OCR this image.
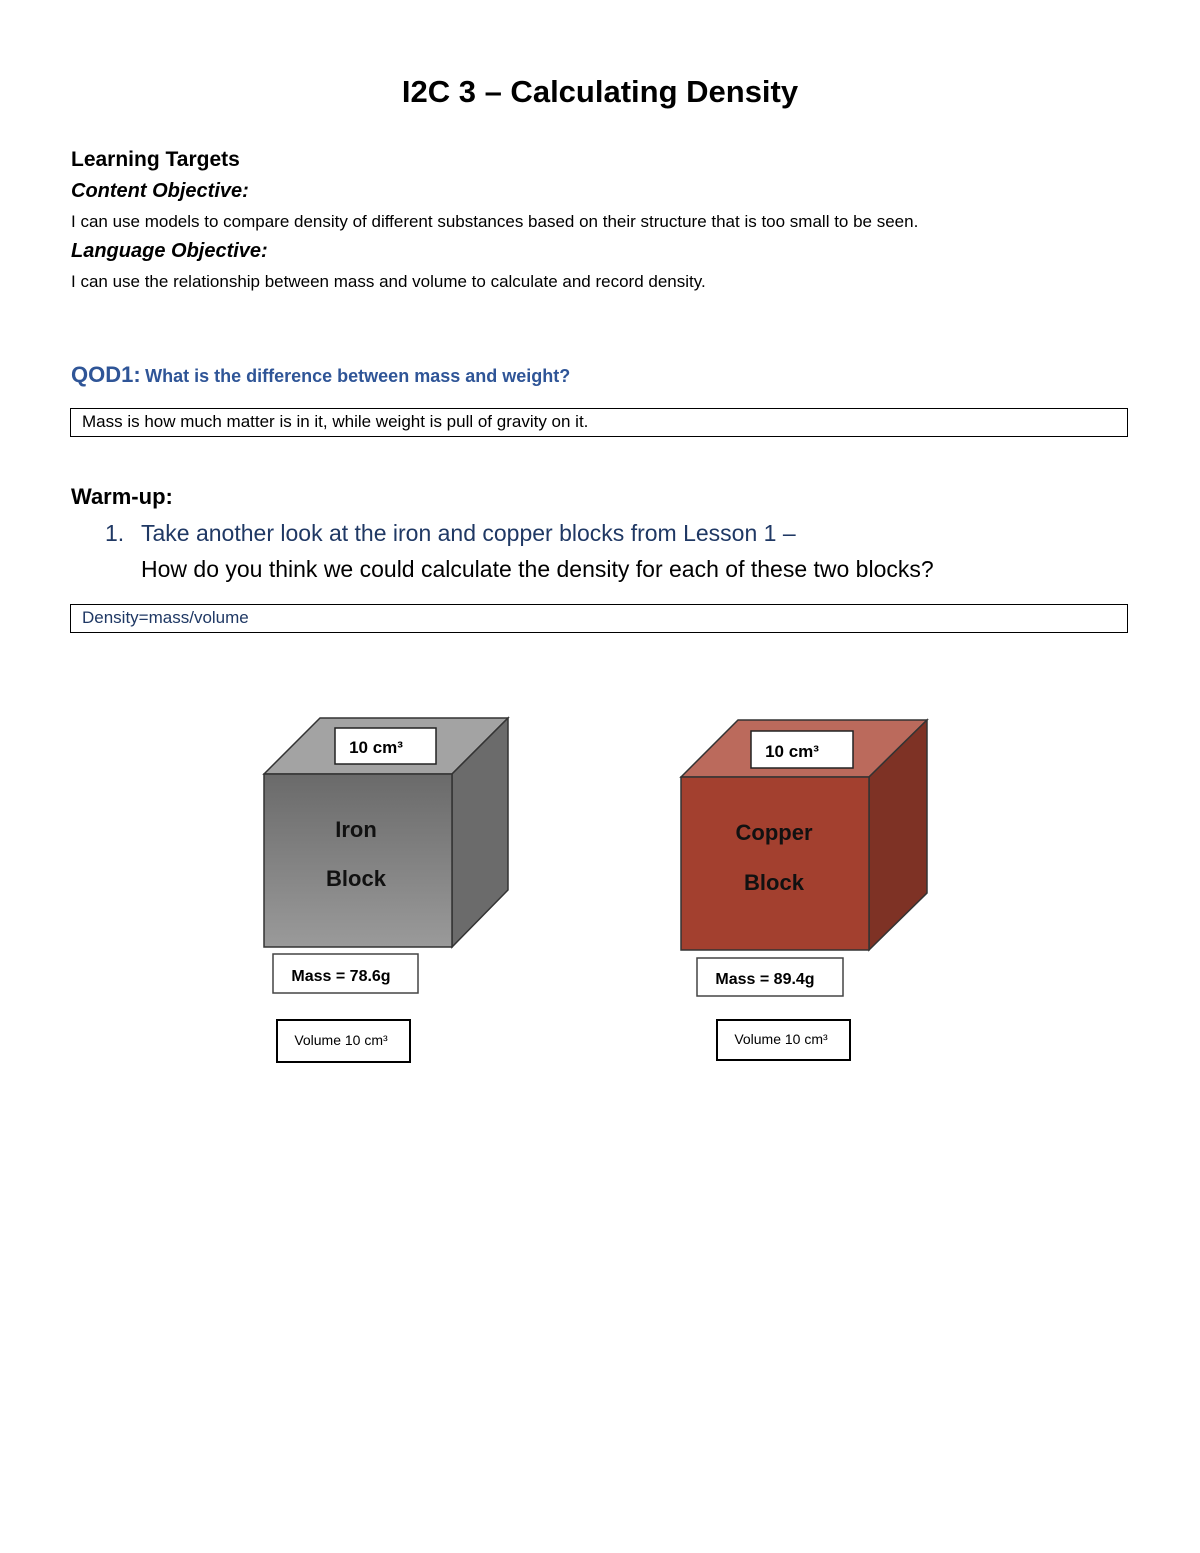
I2C 3 – Calculating Density
Learning Targets
Content Objective:
I can use models to compare density of different substances based on their structure that is too small to be seen.
Language Objective:
I can use the relationship between mass and volume to calculate and record density.
QOD1: What is the difference between mass and weight?
Mass is how much matter is in it, while weight is pull of gravity on it.
Warm-up:
1. Take another look at the iron and copper blocks from Lesson 1 –
How do you think we could calculate the density for each of these two blocks?
Density=mass/volume
10 cm³
Iron
Block
Mass = 78.6g
Volume 10 cm³
10 cm³
Copper
Block
Mass = 89.4g
Volume 10 cm³
